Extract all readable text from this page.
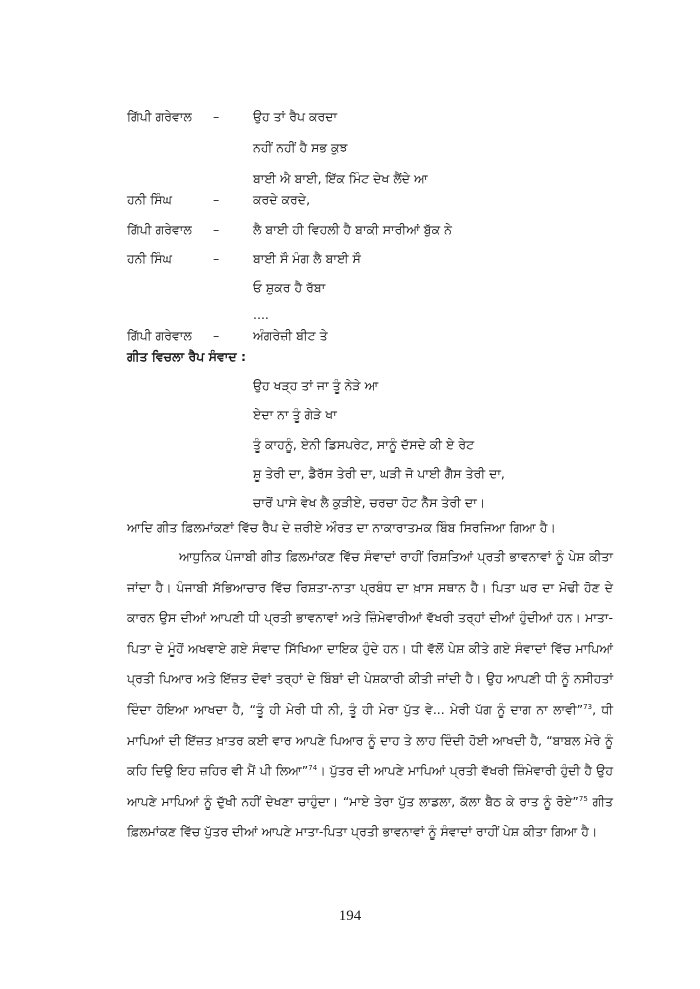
ਗਿੱਪੀ ਗਰੇਵਾਲ	–	ਉਹ ਤਾਂ ਰੈਪ ਕਰਦਾ
ਨਹੀਂ ਨਹੀਂ ਹੈ ਸਭ ਕੁਝ
ਬਾਈ ਐ ਬਾਈ, ਇੱਕ ਮਿੰਟ ਦੇਖ ਲੈਂਦੇ ਆ
ਹਨੀ ਸਿੰਘ	–	ਕਰਦੇ ਕਰਦੇ,
ਗਿੱਪੀ ਗਰੇਵਾਲ	–	ਲੈ ਬਾਈ ਹੀ ਵਿਹਲੀ ਹੈ ਬਾਕੀ ਸਾਰੀਆਂ ਬੁੱਕ ਨੇ
ਹਨੀ ਸਿੰਘ	–	ਬਾਈ ਸੌ ਮੰਗ ਲੈ ਬਾਈ ਸੌ
ਓ ਸ਼ੁਕਰ ਹੈ ਰੱਬਾ
....
ਗਿੱਪੀ ਗਰੇਵਾਲ	–	ਅੰਗਰੇਜ਼ੀ ਬੀਟ ਤੇ
ਗੀਤ ਵਿਚਲਾ ਰੈਪ ਸੰਵਾਦ :
ਉਹ ਖੜ੍ਹ ਤਾਂ ਜਾ ਤੂੰ ਨੇੜੇ ਆ
ਏਦਾ ਨਾ ਤੂੰ ਗੇੜੇ ਖਾ
ਤੂੰ ਕਾਹਨੂੰ, ਏਨੀ ਡਿਸਪਰੇਟ, ਸਾਨੂੰ ਦੱਸਦੇ ਕੀ ਏ ਰੇਟ
ਸ਼ੂ ਤੇਰੀ ਦਾ, ਡੈਰੱਸ ਤੇਰੀ ਦਾ, ਘੜੀ ਜੋ ਪਾਈ ਗੈੱਸ ਤੇਰੀ ਦਾ,
ਚਾਰੋਂ ਪਾਸੇ ਵੇਖ ਲੈ ਕੁੜੀਏ, ਚਰਚਾ ਹੋਟ ਨੈੱਸ ਤੇਰੀ ਦਾ।
ਆਦਿ ਗੀਤ ਫ਼ਿਲਮਾਂਕਣਾਂ ਵਿੱਚ ਰੈਪ ਦੇ ਜ਼ਰੀਏ ਔਰਤ ਦਾ ਨਾਕਾਰਾਤਮਕ ਬਿੰਬ ਸਿਰਜਿਆ ਗਿਆ ਹੈ।

ਆਧੁਨਿਕ ਪੰਜਾਬੀ ਗੀਤ ਫ਼ਿਲਮਾਂਕਣ ਵਿੱਚ ਸੰਵਾਦਾਂ ਰਾਹੀਂ ਰਿਸ਼ਤਿਆਂ ਪ੍ਰਤੀ ਭਾਵਨਾਵਾਂ ਨੂੰ ਪੇਸ਼ ਕੀਤਾ ਜਾਂਦਾ ਹੈ। ਪੰਜਾਬੀ ਸੱਭਿਆਚਾਰ ਵਿੱਚ ਰਿਸ਼ਤਾ-ਨਾਤਾ ਪ੍ਰਬੰਧ ਦਾ ਖ਼ਾਸ ਸਥਾਨ ਹੈ। ਪਿਤਾ ਘਰ ਦਾ ਮੋਢੀ ਹੋਣ ਦੇ ਕਾਰਨ ਉਸ ਦੀਆਂ ਆਪਣੀ ਧੀ ਪ੍ਰਤੀ ਭਾਵਨਾਵਾਂ ਅਤੇ ਜ਼ਿੰਮੇਵਾਰੀਆਂ ਵੱਖਰੀ ਤਰ੍ਹਾਂ ਦੀਆਂ ਹੁੰਦੀਆਂ ਹਨ। ਮਾਤਾ-ਪਿਤਾ ਦੇ ਮੂੰਹੋਂ ਅਖਵਾਏ ਗਏ ਸੰਵਾਦ ਸਿੱਖਿਆ ਦਾਇਕ ਹੁੰਦੇ ਹਨ। ਧੀ ਵੱਲੋਂ ਪੇਸ਼ ਕੀਤੇ ਗਏ ਸੰਵਾਦਾਂ ਵਿੱਚ ਮਾਪਿਆਂ ਪ੍ਰਤੀ ਪਿਆਰ ਅਤੇ ਇੱਜ਼ਤ ਦੋਵਾਂ ਤਰ੍ਹਾਂ ਦੇ ਬਿੰਬਾਂ ਦੀ ਪੇਸ਼ਕਾਰੀ ਕੀਤੀ ਜਾਂਦੀ ਹੈ। ਉਹ ਆਪਣੀ ਧੀ ਨੂੰ ਨਸੀਹਤਾਂ ਦਿੰਦਾ ਹੋਇਆ ਆਖਦਾ ਹੈ, “ਤੂੰ ਹੀ ਮੇਰੀ ਧੀ ਨੀ, ਤੂੰ ਹੀ ਮੇਰਾ ਪੁੱਤ ਵੇ... ਮੇਰੀ ਪੱਗ ਨੂੰ ਦਾਗ ਨਾ ਲਾਵੀ”$^{73}$, ਧੀ ਮਾਪਿਆਂ ਦੀ ਇੱਜ਼ਤ ਖ਼ਾਤਰ ਕਈ ਵਾਰ ਆਪਣੇ ਪਿਆਰ ਨੂੰ ਦਾਹ ਤੇ ਲਾਹ ਦਿੰਦੀ ਹੋਈ ਆਖਦੀ ਹੈ, “ਬਾਬਲ ਮੇਰੇ ਨੂੰ ਕਹਿ ਦਿਉ ਇਹ ਜ਼ਹਿਰ ਵੀ ਮੈਂ ਪੀ ਲਿਆ”$^{74}$। ਪੁੱਤਰ ਦੀ ਆਪਣੇ ਮਾਪਿਆਂ ਪ੍ਰਤੀ ਵੱਖਰੀ ਜ਼ਿੰਮੇਵਾਰੀ ਹੁੰਦੀ ਹੈ ਉਹ ਆਪਣੇ ਮਾਪਿਆਂ ਨੂੰ ਦੁੱਖੀ ਨਹੀਂ ਦੇਖਣਾ ਚਾਹੁੰਦਾ। “ਮਾਏ ਤੇਰਾ ਪੁੱਤ ਲਾਡਲਾ, ਕੱਲਾ ਬੈਠ ਕੇ ਰਾਤ ਨੂੰ ਰੋਏ”$^{75}$ ਗੀਤ ਫ਼ਿਲਮਾਂਕਣ ਵਿੱਚ ਪੁੱਤਰ ਦੀਆਂ ਆਪਣੇ ਮਾਤਾ-ਪਿਤਾ ਪ੍ਰਤੀ ਭਾਵਨਾਵਾਂ ਨੂੰ ਸੰਵਾਦਾਂ ਰਾਹੀਂ ਪੇਸ਼ ਕੀਤਾ ਗਿਆ ਹੈ।

194
